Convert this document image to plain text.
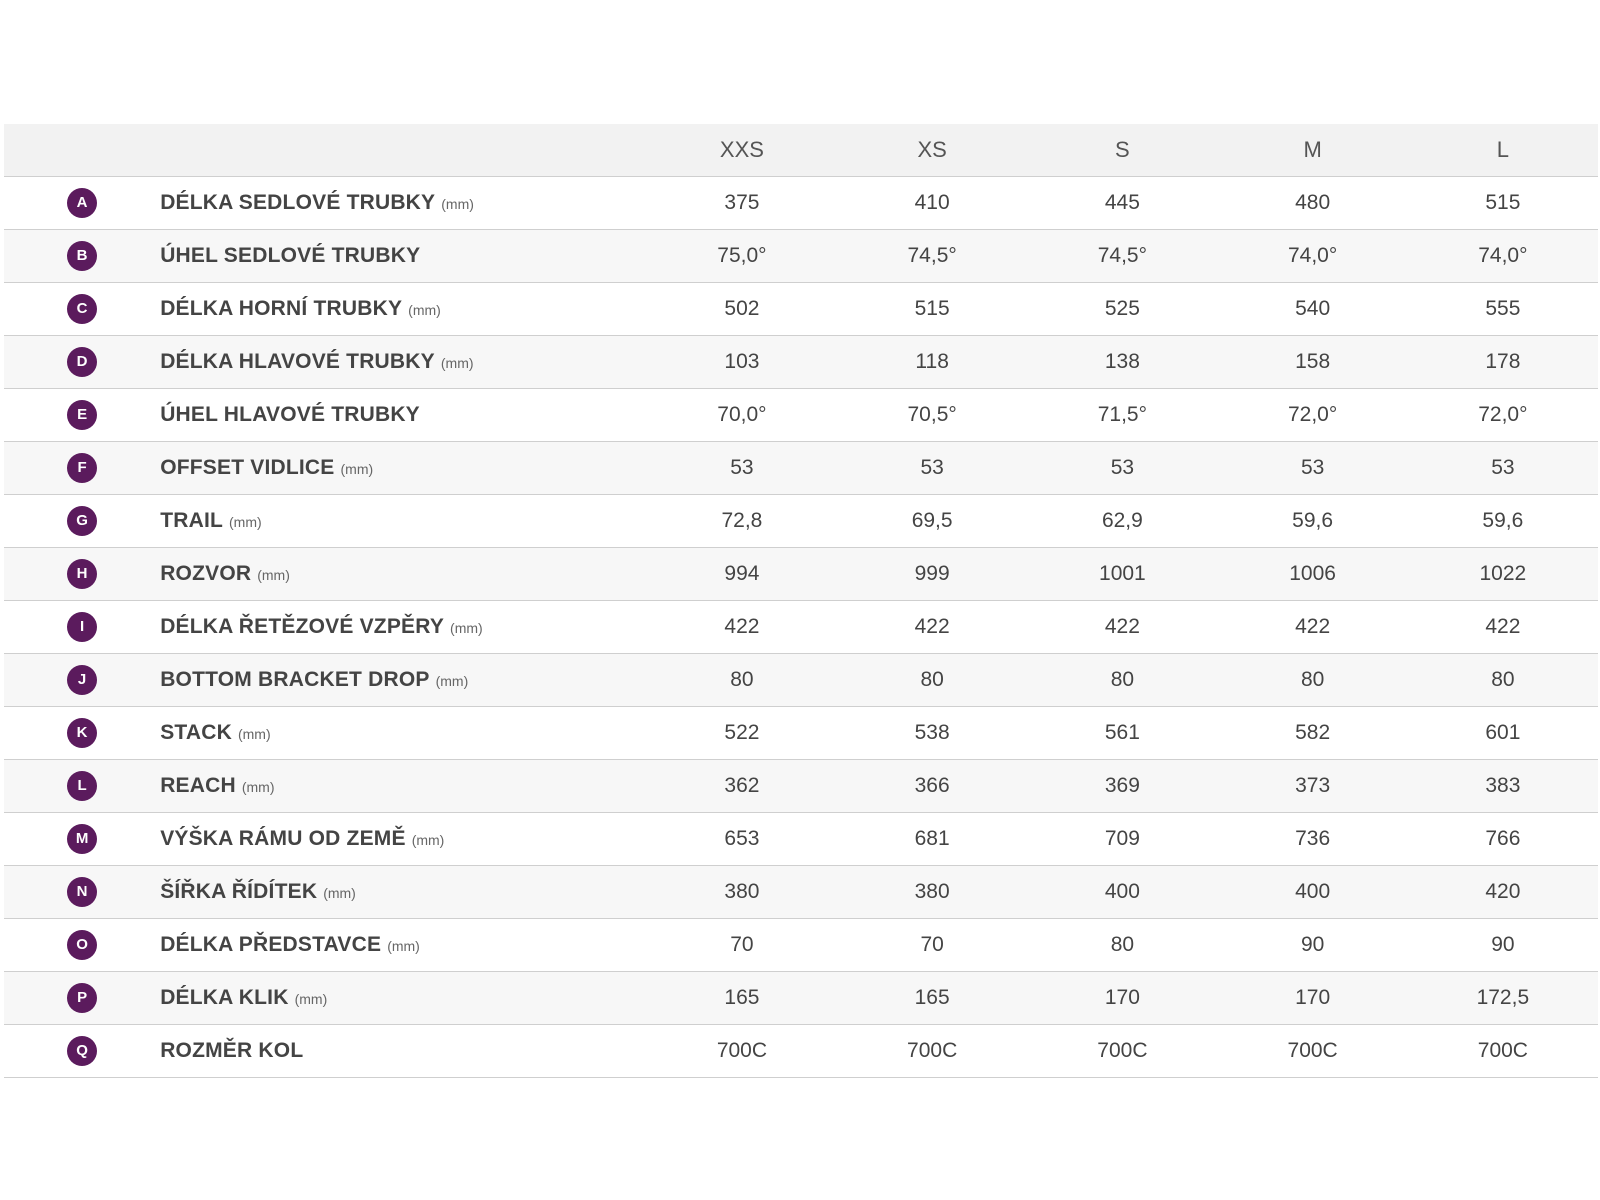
		XXS	XS	S	M	L
A	DÉLKA SEDLOVÉ TRUBKY (mm)	375	410	445	480	515
B	ÚHEL SEDLOVÉ TRUBKY	75,0°	74,5°	74,5°	74,0°	74,0°
C	DÉLKA HORNÍ TRUBKY (mm)	502	515	525	540	555
D	DÉLKA HLAVOVÉ TRUBKY (mm)	103	118	138	158	178
E	ÚHEL HLAVOVÉ TRUBKY	70,0°	70,5°	71,5°	72,0°	72,0°
F	OFFSET VIDLICE (mm)	53	53	53	53	53
G	TRAIL (mm)	72,8	69,5	62,9	59,6	59,6
H	ROZVOR (mm)	994	999	1001	1006	1022
I	DÉLKA ŘETĚZOVÉ VZPĚRY (mm)	422	422	422	422	422
J	BOTTOM BRACKET DROP (mm)	80	80	80	80	80
K	STACK (mm)	522	538	561	582	601
L	REACH (mm)	362	366	369	373	383
M	VÝŠKA RÁMU OD ZEMĚ (mm)	653	681	709	736	766
N	ŠÍŘKA ŘÍDÍTEK (mm)	380	380	400	400	420
O	DÉLKA PŘEDSTAVCE (mm)	70	70	80	90	90
P	DÉLKA KLIK (mm)	165	165	170	170	172,5
Q	ROZMĚR KOL	700C	700C	700C	700C	700C
